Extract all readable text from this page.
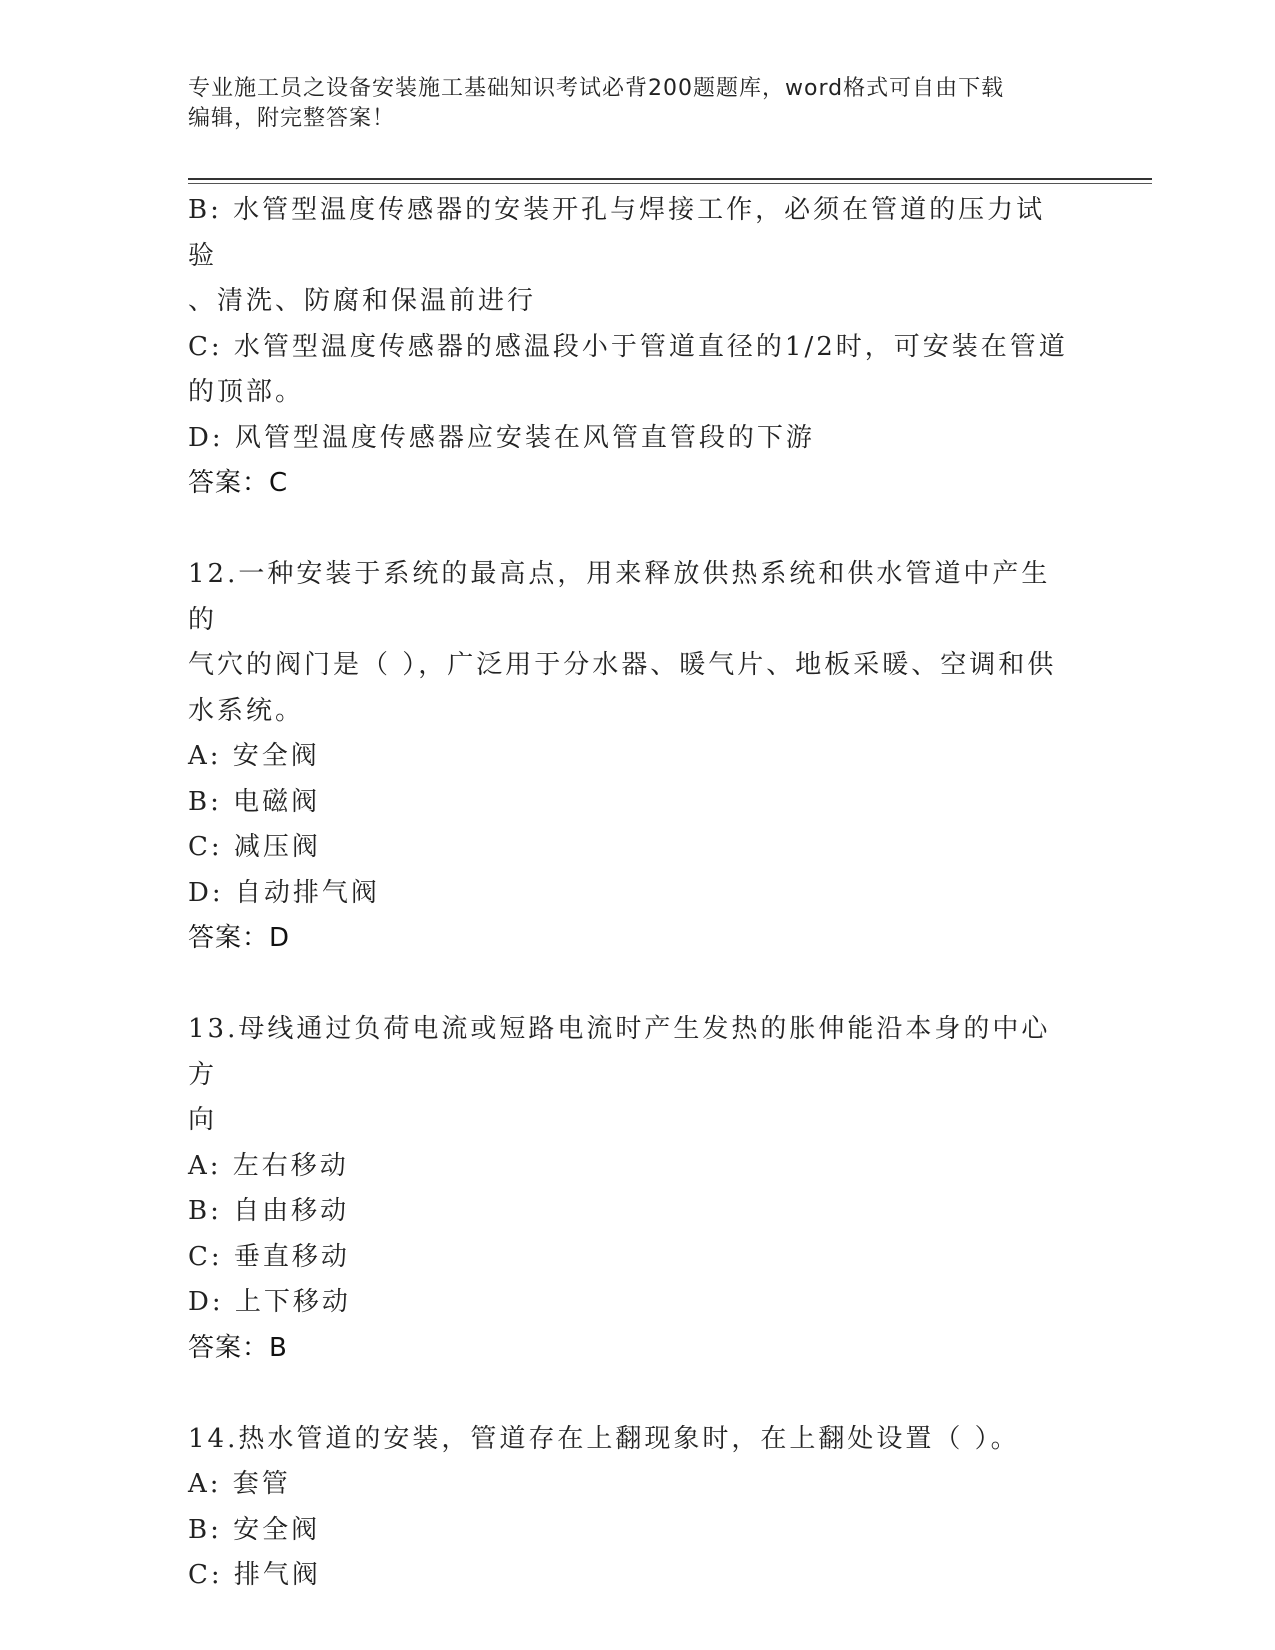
专业施工员之设备安装施工基础知识考试必背200题题库，word格式可自由下载
编辑，附完整答案！
B: 水管型温度传感器的安装开孔与焊接工作，必须在管道的压力试验
、清洗、防腐和保温前进行
C: 水管型温度传感器的感温段小于管道直径的1/2时，可安装在管道
的顶部。
D: 风管型温度传感器应安装在风管直管段的下游
答案：C
12.一种安装于系统的最高点，用来释放供热系统和供水管道中产生的
气穴的阀门是（ ），广泛用于分水器、暖气片、地板采暖、空调和供
水系统。
A: 安全阀
B: 电磁阀
C: 减压阀
D: 自动排气阀
答案：D
13.母线通过负荷电流或短路电流时产生发热的胀伸能沿本身的中心方
向
A: 左右移动
B: 自由移动
C: 垂直移动
D: 上下移动
答案：B
14.热水管道的安装，管道存在上翻现象时，在上翻处设置（ ）。
A: 套管
B: 安全阀
C: 排气阀
